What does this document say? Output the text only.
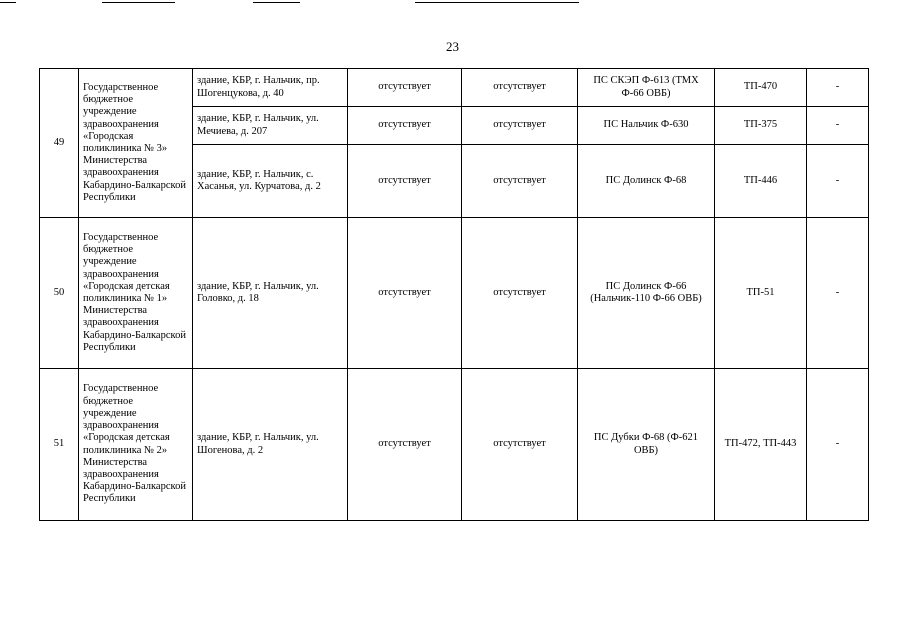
23
49	Государственное бюджетное учреждение здравоохранения «Городская поликлиника № 3» Министерства здравоохранения Кабардино-Балкарской Республики	здание, КБР, г. Нальчик, пр. Шогенцукова, д. 40	отсутствует	отсутствует	ПС СКЭП Ф-613 (ТМХ Ф-66 ОВБ)	ТП-470	-
		здание, КБР, г. Нальчик, ул. Мечиева, д. 207	отсутствует	отсутствует	ПС Нальчик Ф-630	ТП-375	-
		здание, КБР, г. Нальчик, с. Хасанья, ул. Курчатова, д. 2	отсутствует	отсутствует	ПС Долинск Ф-68	ТП-446	-
50	Государственное бюджетное учреждение здравоохранения «Городская детская поликлиника № 1» Министерства здравоохранения Кабардино-Балкарской Республики	здание, КБР, г. Нальчик, ул. Головко, д. 18	отсутствует	отсутствует	ПС Долинск Ф-66 (Нальчик-110 Ф-66 ОВБ)	ТП-51	-
51	Государственное бюджетное учреждение здравоохранения «Городская детская поликлиника № 2» Министерства здравоохранения Кабардино-Балкарской Республики	здание, КБР, г. Нальчик, ул. Шогенова, д. 2	отсутствует	отсутствует	ПС Дубки Ф-68 (Ф-621 ОВБ)	ТП-472, ТП-443	-
